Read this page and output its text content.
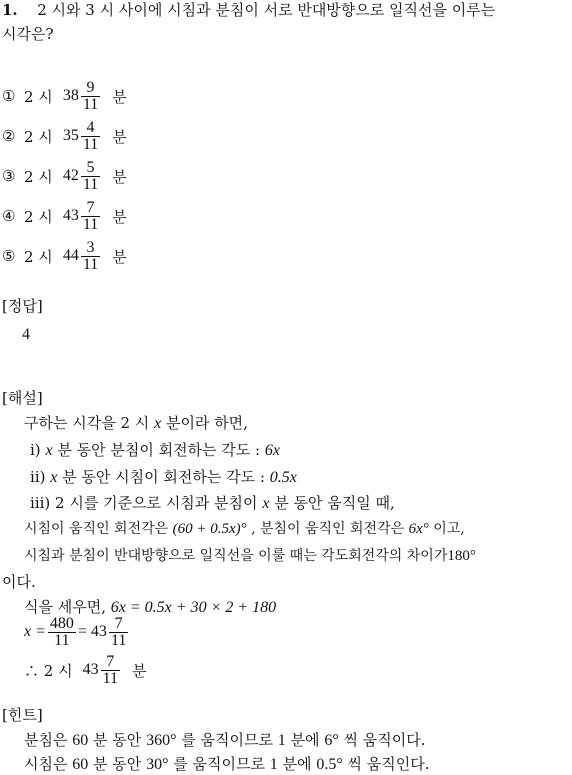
1. 2 시와 3 시 사이에 시침과 분침이 서로 반대방향으로 일직선을 이루는
시각은?
① 2 시 $38 \frac{9}{11}$ 분
② 2 시 $35 \frac{4}{11}$ 분
③ 2 시 $42 \frac{5}{11}$ 분
④ 2 시 $43 \frac{7}{11}$ 분
⑤ 2 시 $44 \frac{3}{11}$ 분
[정답]
4
[해설]
구하는 시각을 2 시 x 분이라 하면,
ⅰ) x 분 동안 분침이 회전하는 각도 : 6x
ⅱ) x 분 동안 시침이 회전하는 각도 : 0.5x
ⅲ) 2 시를 기준으로 시침과 분침이 x 분 동안 움직일 때,
시침이 움직인 회전각은 (60 + 0.5x)° , 분침이 움직인 회전각은 6x° 이고,
시침과 분침이 반대방향으로 일직선을 이룰 때는 각도회전각의 차이가180°
이다.
식을 세우면, 6x = 0.5x + 30 × 2 + 180
$x = \frac{480}{11} = 43 \frac{7}{11}$
∴ 2 시 $43 \frac{7}{11}$ 분
[힌트]
분침은 60 분 동안 360° 를 움직이므로 1 분에 6° 씩 움직이다.
시침은 60 분 동안 30° 를 움직이므로 1 분에 0.5° 씩 움직인다.
